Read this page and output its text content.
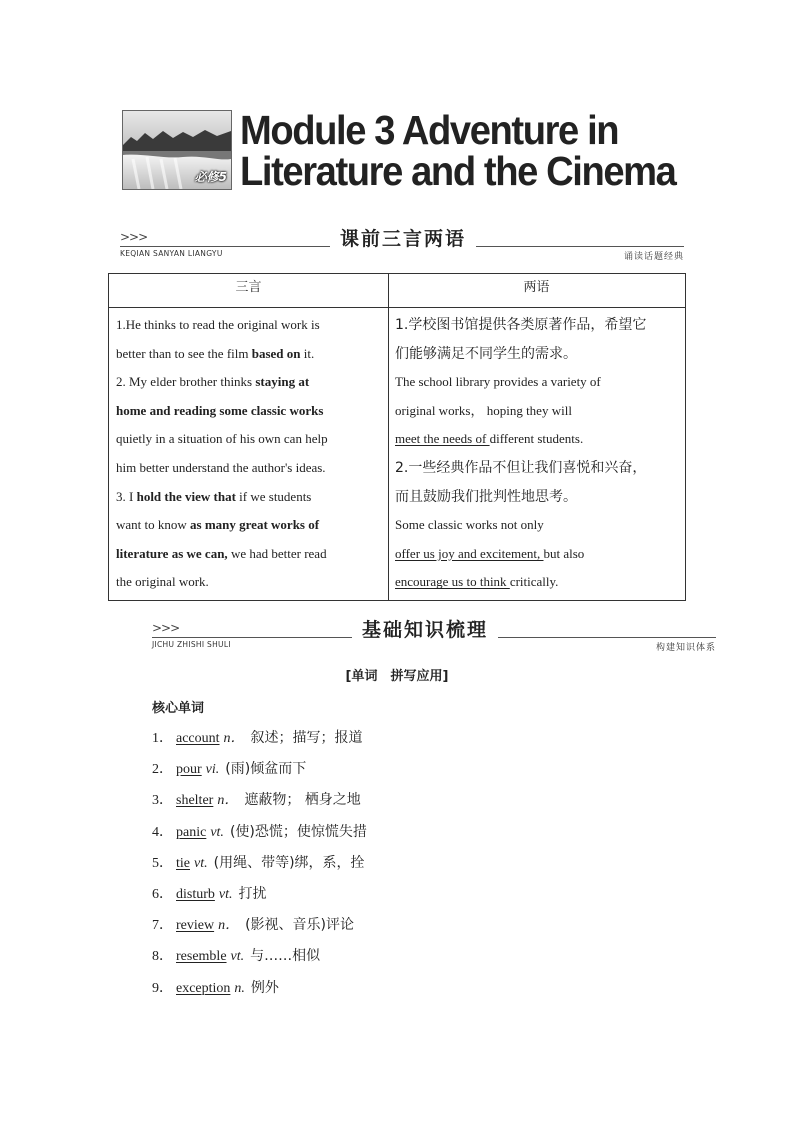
必修5
Module 3 Adventure in
Literature and the Cinema
>>>	课前三言两语
KEQIAN SANYAN LIANGYU	诵读话题经典
三言	两语
1.He thinks to read the original work is
better than to see the film based on it.
2. My elder brother thinks staying at
home and reading some classic works
quietly in a situation of his own can help
him better understand the author's ideas.
3. I hold the view that if we students
want to know as many great works of
literature as we can, we had better read
the original work.
1.学校图书馆提供各类原著作品，希望它
们能够满足不同学生的需求。
The school library provides a variety of
original works， hoping they will
meet the needs of different students.
2.一些经典作品不但让我们喜悦和兴奋，
而且鼓励我们批判性地思考。
Some classic works not only
offer us joy and excitement, but also
encourage us to think critically.
>>>	基础知识梳理
JICHU ZHISHI SHULI	构建知识体系
[单词　拼写应用]
核心单词
1． account n． 叙述；描写；报道
2． pour vi. (雨)倾盆而下
3． shelter n． 遮蔽物； 栖身之地
4． panic vt. (使)恐慌；使惊慌失措
5． tie vt. (用绳、带等)绑，系，拴
6． disturb vt. 打扰
7． review n． (影视、音乐)评论
8． resemble vt. 与……相似
9． exception n. 例外
